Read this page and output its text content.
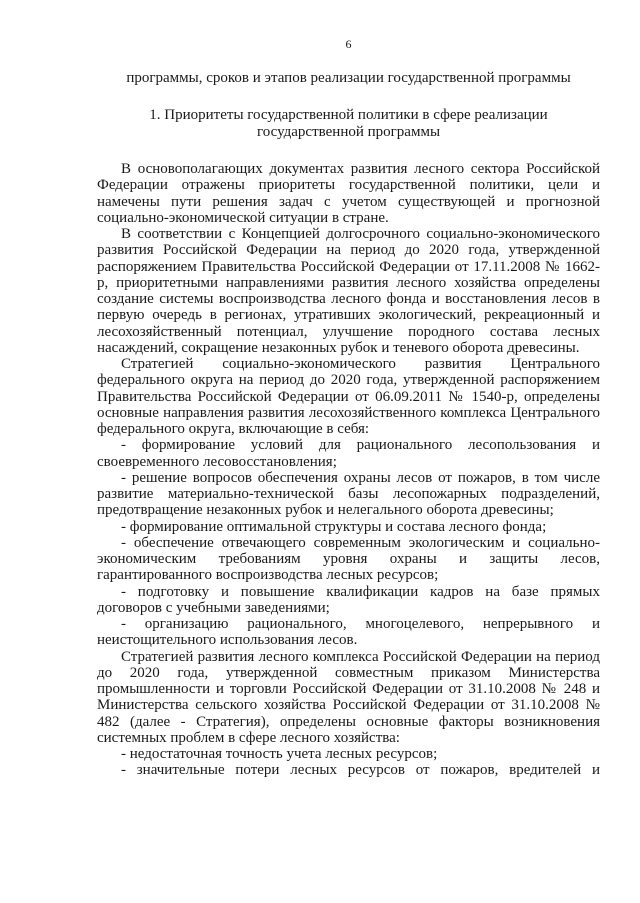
6

программы, сроков и этапов реализации государственной программы

1. Приоритеты государственной политики в сфере реализации государственной программы

В основополагающих документах развития лесного сектора Российской Федерации отражены приоритеты государственной политики, цели и намечены пути решения задач с учетом существующей и прогнозной социально-экономической ситуации в стране.

В соответствии с Концепцией долгосрочного социально-экономического развития Российской Федерации на период до 2020 года, утвержденной распоряжением Правительства Российской Федерации от 17.11.2008 № 1662-р, приоритетными направлениями развития лесного хозяйства определены создание системы воспроизводства лесного фонда и восстановления лесов в первую очередь в регионах, утративших экологический, рекреационный и лесохозяйственный потенциал, улучшение породного состава лесных насаждений, сокращение незаконных рубок и теневого оборота древесины.

Стратегией социально-экономического развития Центрального федерального округа на период до 2020 года, утвержденной распоряжением Правительства Российской Федерации от 06.09.2011 № 1540-р, определены основные направления развития лесохозяйственного комплекса Центрального федерального округа, включающие в себя:

- формирование условий для рационального лесопользования и своевременного лесовосстановления;

- решение вопросов обеспечения охраны лесов от пожаров, в том числе развитие материально-технической базы лесопожарных подразделений, предотвращение незаконных рубок и нелегального оборота древесины;

- формирование оптимальной структуры и состава лесного фонда;

- обеспечение отвечающего современным экологическим и социально-экономическим требованиям уровня охраны и защиты лесов, гарантированного воспроизводства лесных ресурсов;

- подготовку и повышение квалификации кадров на базе прямых договоров с учебными заведениями;

- организацию рационального, многоцелевого, непрерывного и неистощительного использования лесов.

Стратегией развития лесного комплекса Российской Федерации на период до 2020 года, утвержденной совместным приказом Министерства промышленности и торговли Российской Федерации от 31.10.2008 № 248 и Министерства сельского хозяйства Российской Федерации от 31.10.2008 № 482 (далее - Стратегия), определены основные факторы возникновения системных проблем в сфере лесного хозяйства:

- недостаточная точность учета лесных ресурсов;

- значительные потери лесных ресурсов от пожаров, вредителей и
